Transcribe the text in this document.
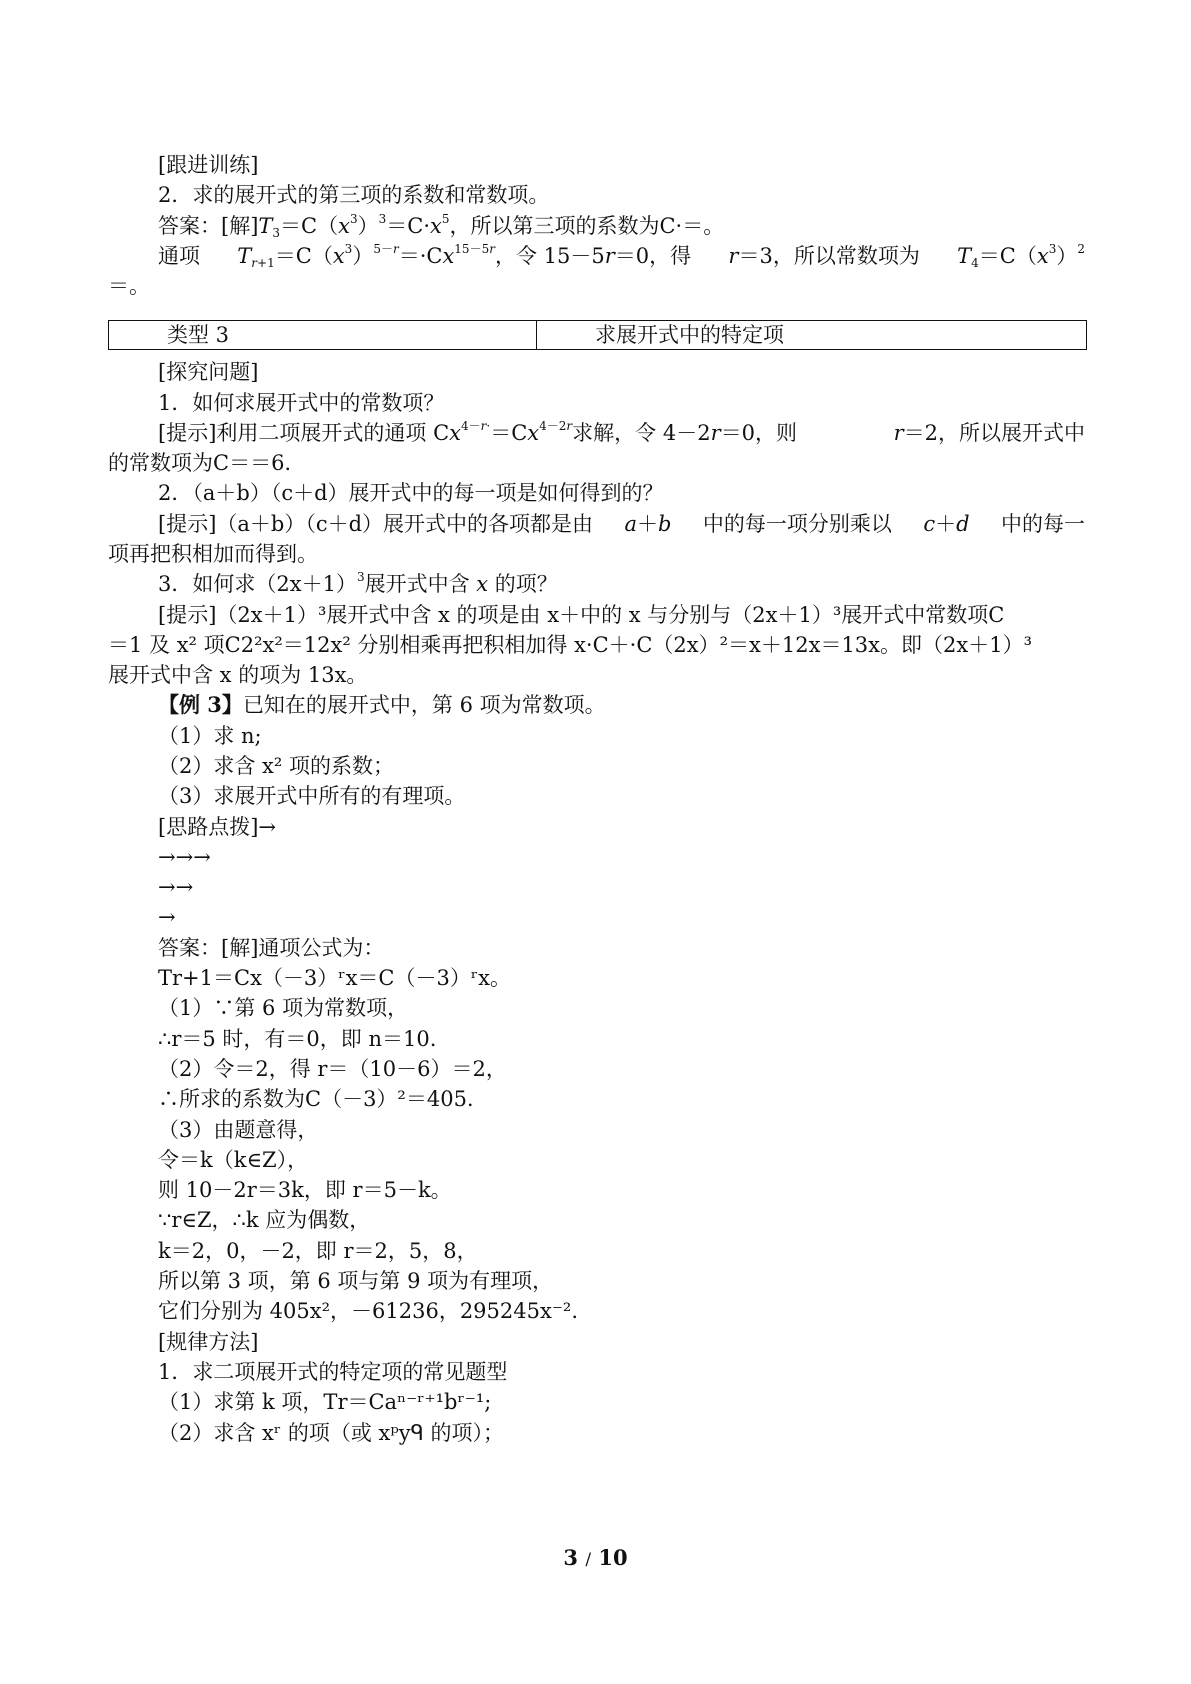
[跟进训练]
2．求的展开式的第三项的系数和常数项。
答案：[解]$T_3=C(x^3)^3=C\cdot x^5$，所以第三项的系数为C·＝。
通项 $T_{r+1}=C(x^3)^{5-r}=\cdot Cx^{15-5r}$，令 15－5r＝0，得 r＝3，所以常数项为 $T_4=C(x^3)^2$
＝。
类型 3	求展开式中的特定项
[探究问题]
1．如何求展开式中的常数项？
[提示]利用二项展开式的通项 $Cx^{4-r\cdot}=Cx^{4-2r}$求解，令 4－2r＝0，则	r＝2，所以展开式中
的常数项为C＝＝6.
2．（a＋b）（c＋d）展开式中的每一项是如何得到的？
[提示]（a＋b）（c＋d）展开式中的各项都是由 a＋b 中的每一项分别乘以 c＋d 中的每一
项再把积相加而得到。
3．如何求$(2x+1)^3$展开式中含 x 的项？
[提示]（2x＋1）³展开式中含 x 的项是由 x＋中的 x 与分别与（2x＋1）³展开式中常数项C
＝1 及 x² 项C2²x²＝12x² 分别相乘再把积相加得 x·C＋·C（2x）²＝x＋12x＝13x。即（2x＋1）³
展开式中含 x 的项为 13x。
【例 3】已知在的展开式中，第 6 项为常数项。
（1）求 n;
（2）求含 x² 项的系数；
（3）求展开式中所有的有理项。
[思路点拨]→
→→→
→→
→
答案：[解]通项公式为：
Tr+1＝Cx（－3）ʳx＝C（－3）ʳx。
（1）∵第 6 项为常数项，
∴r＝5 时，有＝0，即 n＝10.
（2）令＝2，得 r＝（10－6）＝2，
∴所求的系数为C（－3）²＝405.
（3）由题意得，
令＝k（k∈Z），
则 10－2r＝3k，即 r＝5－k。
∵r∈Z，∴k 应为偶数，
k＝2，0，－2，即 r＝2，5，8，
所以第 3 项，第 6 项与第 9 项为有理项，
它们分别为 405x²，－61236，295245x⁻².
[规律方法]
1．求二项展开式的特定项的常见题型
（1）求第 k 项，Tr＝Caⁿ⁻ʳ⁺¹bʳ⁻¹;
（2）求含 xʳ 的项（或 xᵖyᑫ 的项）；
3 / 10
